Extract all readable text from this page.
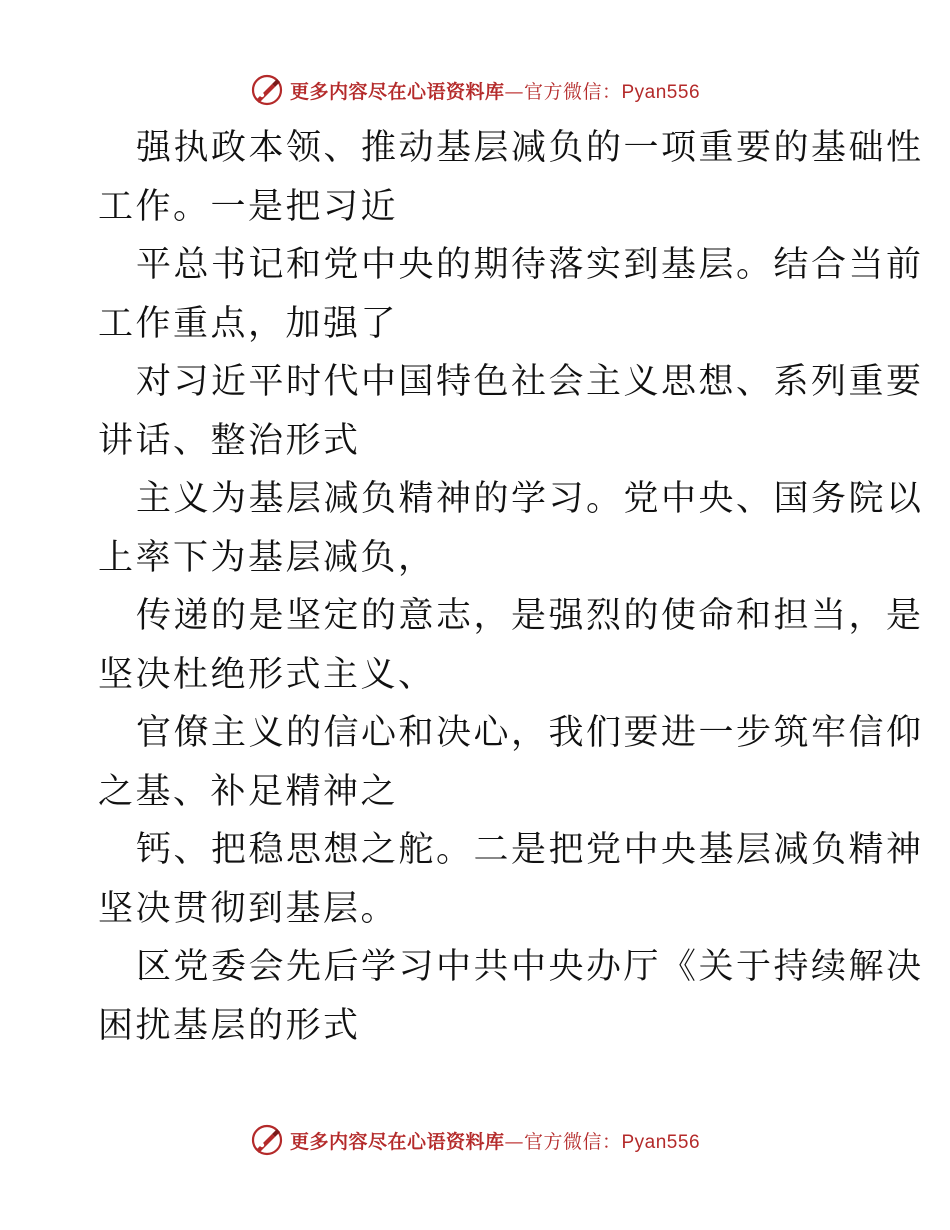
更多内容尽在心语资料库—官方微信：Pyan556
强执政本领、推动基层减负的一项重要的基础性
工作。一是把习近
平总书记和党中央的期待落实到基层。结合当前
工作重点，加强了
对习近平时代中国特色社会主义思想、系列重要
讲话、整治形式
主义为基层减负精神的学习。党中央、国务院以
上率下为基层减负，
传递的是坚定的意志，是强烈的使命和担当，是
坚决杜绝形式主义、
官僚主义的信心和决心，我们要进一步筑牢信仰
之基、补足精神之
钙、把稳思想之舵。二是把党中央基层减负精神
坚决贯彻到基层。
区党委会先后学习中共中央办厅《关于持续解决
困扰基层的形式
更多内容尽在心语资料库—官方微信：Pyan556
